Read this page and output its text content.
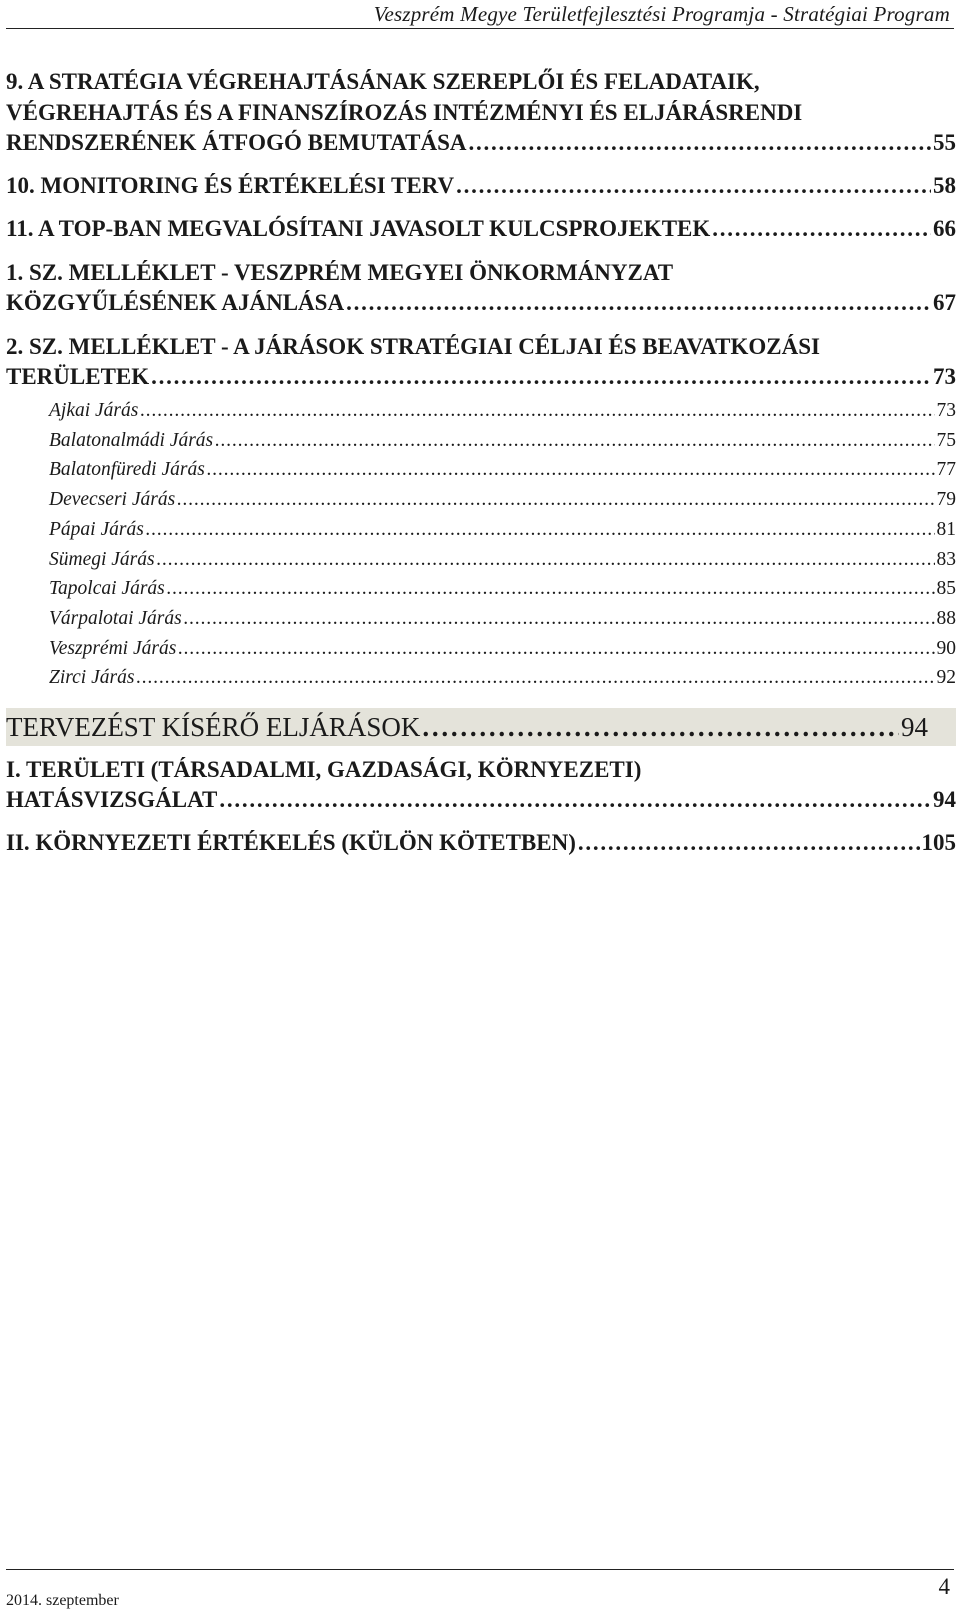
Veszprém Megye Területfejlesztési Programja - Stratégiai Program
9. A STRATÉGIA VÉGREHAJTÁSÁNAK SZEREPLŐI ÉS FELADATAIK, VÉGREHAJTÁS ÉS A FINANSZÍROZÁS INTÉZMÉNYI ÉS ELJÁRÁSRENDI
RENDSZERÉNEK ÁTFOGÓ BEMUTATÁSA . . .	55
10. MONITORING ÉS ÉRTÉKELÉSI TERV . . .	58
11. A TOP-BAN MEGVALÓSÍTANI JAVASOLT KULCSPROJEKTEK . . .	66
1. SZ. MELLÉKLET - VESZPRÉM MEGYEI ÖNKORMÁNYZAT
KÖZGYŰLÉSÉNEK AJÁNLÁSA . . .	67
2. SZ. MELLÉKLET - A JÁRÁSOK STRATÉGIAI CÉLJAI ÉS BEAVATKOZÁSI
TERÜLETEK . . .	73
Ajkai Járás . . .	73
Balatonalmádi Járás . . .	75
Balatonfüredi Járás . . .	77
Devecseri Járás . . .	79
Pápai Járás . . .	81
Sümegi Járás . . .	83
Tapolcai Járás . . .	85
Várpalotai Járás . . .	88
Veszprémi Járás . . .	90
Zirci Járás . . .	92
TERVEZÉST KÍSÉRŐ ELJÁRÁSOK . . .	94
I. TERÜLETI (TÁRSADALMI, GAZDASÁGI, KÖRNYEZETI)
HATÁSVIZSGÁLAT . . .	94
II. KÖRNYEZETI ÉRTÉKELÉS (KÜLÖN KÖTETBEN) . . .	105
2014. szeptember
4
